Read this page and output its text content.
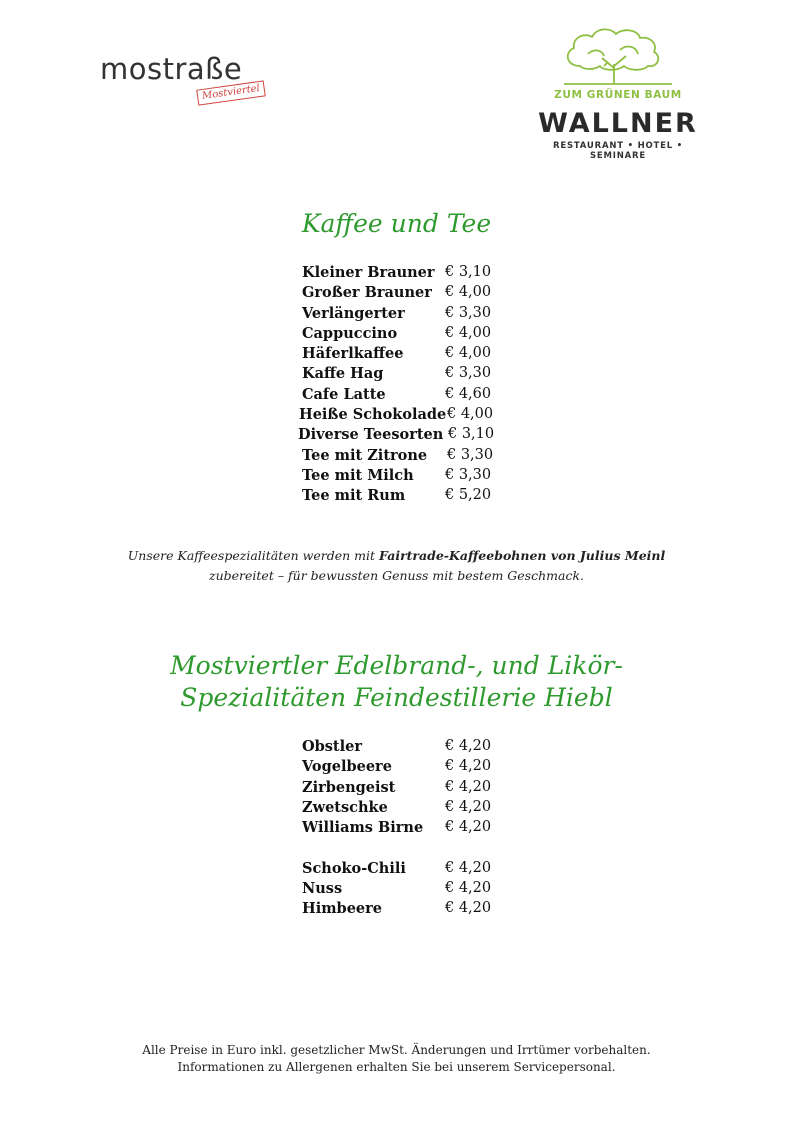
mostraße
Mostviertel	ZUM GRÜNEN BAUM
WALLNER
RESTAURANT • HOTEL • SEMINARE
Kaffee und Tee
Kleiner Brauner € 3,10
Großer Brauner € 4,00
Verlängerter	€ 3,30
Cappuccino	€ 4,00
Häferlkaffee	€ 4,00
Kaffe Hag	€ 3,30
Cafe Latte	€ 4,60
Heiße Schokolade € 4,00
Diverse Teesorten € 3,10
Tee mit Zitrone € 3,30
Tee mit Milch € 3,30
Tee mit Rum	€ 5,20
Unsere Kaffeespezialitäten werden mit Fairtrade-Kaffeebohnen von Julius Meinl
zubereitet – für bewussten Genuss mit bestem Geschmack.
Mostviertler Edelbrand-, und Likör-
Spezialitäten Feindestillerie Hiebl
Obstler	€ 4,20
Vogelbeere	€ 4,20
Zirbengeist	€ 4,20
Zwetschke	€ 4,20
Williams Birne € 4,20
Schoko-Chili	€ 4,20
Nuss	€ 4,20
Himbeere	€ 4,20
Alle Preise in Euro inkl. gesetzlicher MwSt. Änderungen und Irrtümer vorbehalten.
Informationen zu Allergenen erhalten Sie bei unserem Servicepersonal.
